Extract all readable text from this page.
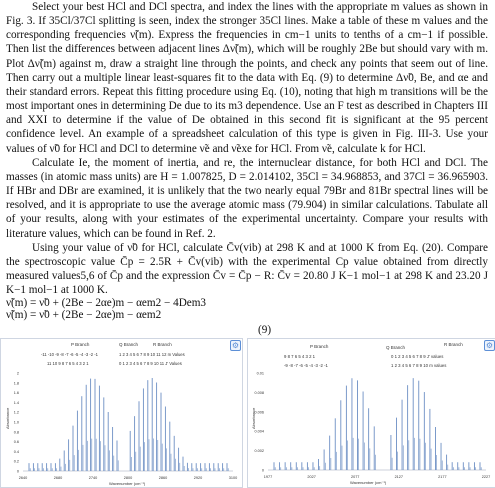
Select your best HCl and DCl spectra, and index the lines with the appropriate m values as shown in Fig. 3. If 35Cl/37Cl splitting is seen, index the stronger 35Cl lines. Make a table of these m values and the corresponding frequencies ν̃(m). Express the frequencies in cm−1 units to tenths of a cm−1 if possible. Then list the differences between adjacent lines Δν̃(m), which will be roughly 2Be but should vary with m. Plot Δν̃(m) against m, draw a straight line through the points, and check any points that seem out of line. Then carry out a multiple linear least-squares fit to the data with Eq. (9) to determine Δν̃0, Be, and αe and their standard errors. Repeat this fitting procedure using Eq. (10), noting that high m transitions will be the most important ones in determining De due to its m3 dependence. Use an F test as described in Chapters III and XXI to determine if the value of De obtained in this second fit is significant at the 95 percent confidence level. An example of a spreadsheet calculation of this type is given in Fig. III-3. Use your values of ν̃0 for HCl and DCl to determine ν̃e and ν̃exe for HCl. From ν̃e, calculate k for HCl.

Calculate Ie, the moment of inertia, and re, the internuclear distance, for both HCl and DCl. The masses (in atomic mass units) are H = 1.007825, D = 2.014102, 35Cl = 34.968853, and 37Cl = 36.965903. If HBr and DBr are examined, it is unlikely that the two nearly equal 79Br and 81Br spectral lines will be resolved, and it is appropriate to use the average atomic mass (79.904) in similar calculations. Tabulate all of your results, along with your estimates of the experimental uncertainty. Compare your results with literature values, which can be found in Ref. 2.

Using your value of ν̃0 for HCl, calculate C̄v(vib) at 298 K and at 1000 K from Eq. (20). Compare the spectroscopic value C̄p = 2.5R + C̄v(vib) with the experimental Cp value obtained from directly measured values5,6 of C̄p and the expression C̄v = C̄p − R: C̄v = 20.80 J K−1 mol−1 at 298 K and 23.20 J K−1 mol−1 at 1000 K.

ν̃(m) = ν̃0 + (2Be − 2αe)m − αem2 − 4Dem3

ν̃(m) = ν̃0 + (2Be − 2αe)m − αem2

(9)
⚙
P Branch	Q Branch	R Branch
-11 -10 -9 -8 -7 -6 -5 -4 -3 -2 -1	1 2 3 4 5 6 7 8 9 10 11 12 m Values
11 10 9 8 7 6 5 4 3 2 1	0 1 2 3 4 5 6 7 8 9 10 11 J' Values
Absorbance
Wavenumber (cm⁻¹)
0
0.2
0.4
0.6
0.8
1.0
1.2
1.4
1.6
1.8
2
2640	2680	2740	2800	2860	2920	3100
⚙
P Branch	Q Branch
R Branch
9 8 7 6 5 4 3 2 1	0 1 2 3 4 5 6 7 8 9 J' values
-9 -8 -7 -6 -5 -4 -3 -2 -1	1 2 3 4 5 6 7 8 9 10 m values
Absorbance
Wavenumber (cm⁻¹)
0
0.002
0.004
0.006
0.008
0.01
1977	2027	2077	2127	2177	2227
